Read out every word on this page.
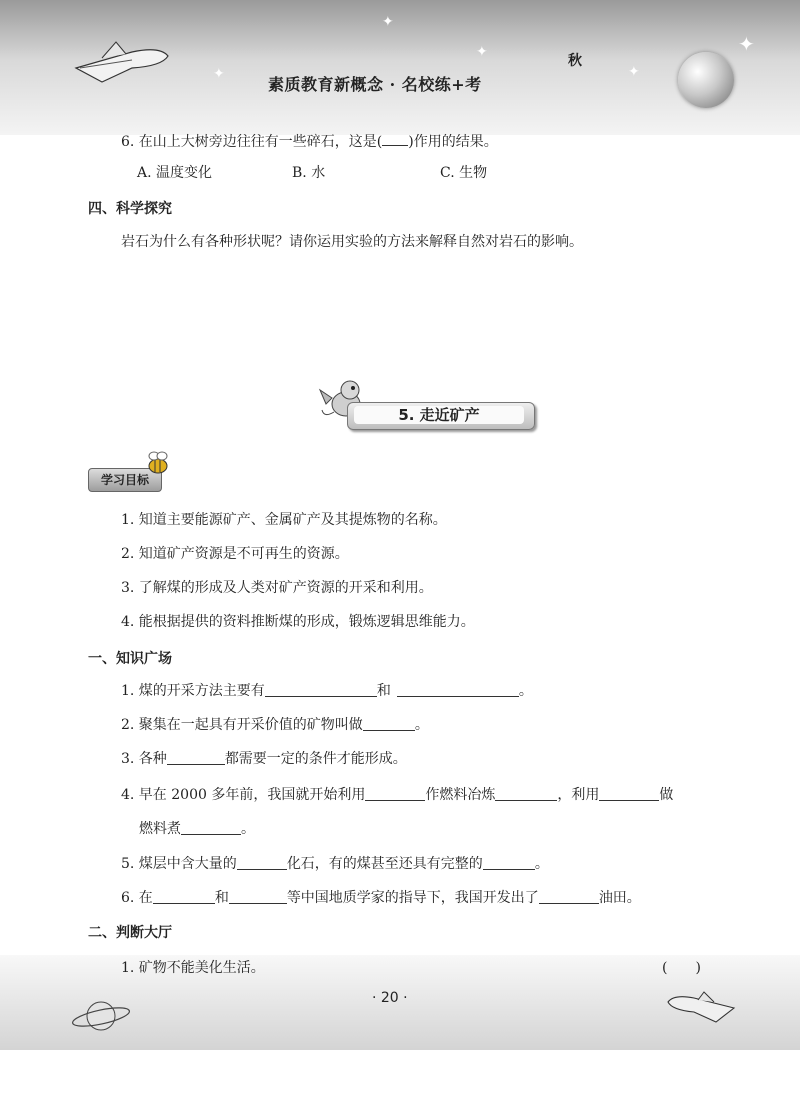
✦
✦
✦	✦
✦
素质教育新概念 · 名校练+考
秋
6. 在山上大树旁边往往有一些碎石，这是( )作用的结果。
A. 温度变化	B. 水	C. 生物
四、科学探究
岩石为什么有各种形状呢？请你运用实验的方法来解释自然对岩石的影响。
5. 走近矿产
学习目标
1. 知道主要能源矿产、金属矿产及其提炼物的名称。
2. 知道矿产资源是不可再生的资源。
3. 了解煤的形成及人类对矿产资源的开采和利用。
4. 能根据提供的资料推断煤的形成，锻炼逻辑思维能力。
一、知识广场
1. 煤的开采方法主要有	和	。
2. 聚集在一起具有开采价值的矿物叫做	。
3. 各种	都需要一定的条件才能形成。
4. 早在 2000 多年前，我国就开始利用	作燃料冶炼	，利用	做
燃料煮	。
5. 煤层中含大量的	化石，有的煤甚至还具有完整的	。
6. 在	和	等中国地质学家的指导下，我国开发出了	油田。
二、判断大厅
1. 矿物不能美化生活。	(　　)
· 20 ·
